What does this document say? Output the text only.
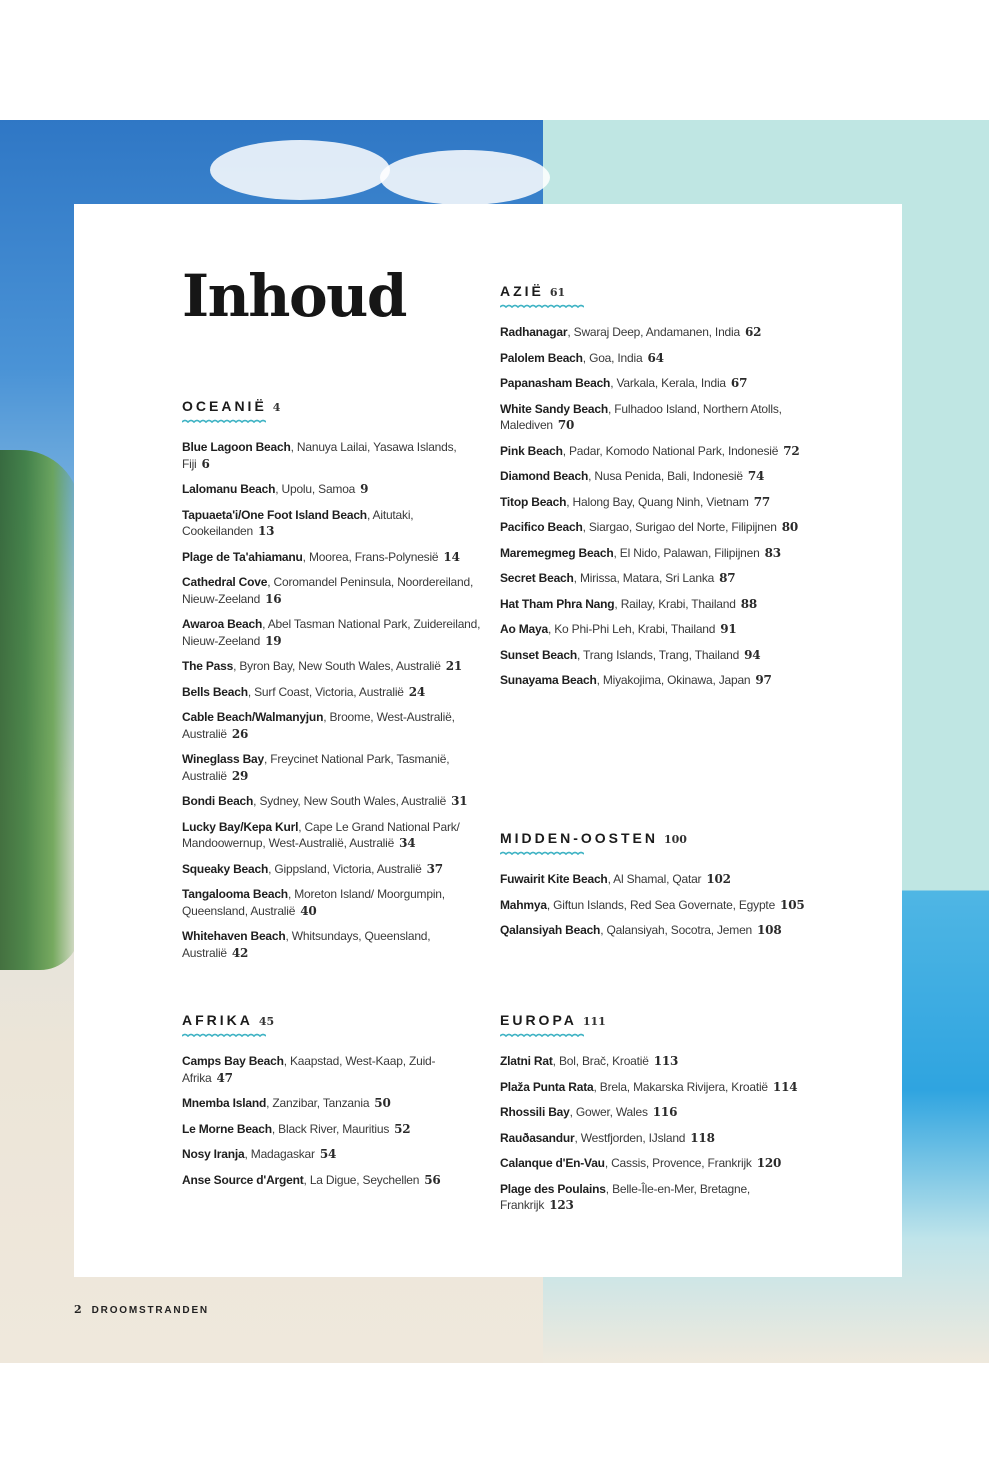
Inhoud
OCEANIË 4
Blue Lagoon Beach, Nanuya Lailai, Yasawa Islands, Fiji 6
Lalomanu Beach, Upolu, Samoa 9
Tapuaeta'i/One Foot Island Beach, Aitutaki, Cookeilanden 13
Plage de Ta'ahiamanu, Moorea, Frans-Polynesië 14
Cathedral Cove, Coromandel Peninsula, Noordereiland, Nieuw-Zeeland 16
Awaroa Beach, Abel Tasman National Park, Zuidereiland, Nieuw-Zeeland 19
The Pass, Byron Bay, New South Wales, Australië 21
Bells Beach, Surf Coast, Victoria, Australië 24
Cable Beach/Walmanyjun, Broome, West-Australië, Australië 26
Wineglass Bay, Freycinet National Park, Tasmanië, Australië 29
Bondi Beach, Sydney, New South Wales, Australië 31
Lucky Bay/Kepa Kurl, Cape Le Grand National Park/ Mandoowernup, West-Australië, Australië 34
Squeaky Beach, Gippsland, Victoria, Australië 37
Tangalooma Beach, Moreton Island/ Moorgumpin, Queensland, Australië 40
Whitehaven Beach, Whitsundays, Queensland, Australië 42
AFRIKA 45
Camps Bay Beach, Kaapstad, West-Kaap, Zuid-Afrika 47
Mnemba Island, Zanzibar, Tanzania 50
Le Morne Beach, Black River, Mauritius 52
Nosy Iranja, Madagaskar 54
Anse Source d'Argent, La Digue, Seychellen 56
AZIË 61
Radhanagar, Swaraj Deep, Andamanen, India 62
Palolem Beach, Goa, India 64
Papanasham Beach, Varkala, Kerala, India 67
White Sandy Beach, Fulhadoo Island, Northern Atolls, Malediven 70
Pink Beach, Padar, Komodo National Park, Indonesië 72
Diamond Beach, Nusa Penida, Bali, Indonesië 74
Titop Beach, Halong Bay, Quang Ninh, Vietnam 77
Pacifico Beach, Siargao, Surigao del Norte, Filipijnen 80
Maremegmeg Beach, El Nido, Palawan, Filipijnen 83
Secret Beach, Mirissa, Matara, Sri Lanka 87
Hat Tham Phra Nang, Railay, Krabi, Thailand 88
Ao Maya, Ko Phi-Phi Leh, Krabi, Thailand 91
Sunset Beach, Trang Islands, Trang, Thailand 94
Sunayama Beach, Miyakojima, Okinawa, Japan 97
MIDDEN-OOSTEN 100
Fuwairit Kite Beach, Al Shamal, Qatar 102
Mahmya, Giftun Islands, Red Sea Governate, Egypte 105
Qalansiyah Beach, Qalansiyah, Socotra, Jemen 108
EUROPA 111
Zlatni Rat, Bol, Brač, Kroatië 113
Plaža Punta Rata, Brela, Makarska Rivijera, Kroatië 114
Rhossili Bay, Gower, Wales 116
Rauðasandur, Westfjorden, IJsland 118
Calanque d'En-Vau, Cassis, Provence, Frankrijk 120
Plage des Poulains, Belle-Île-en-Mer, Bretagne, Frankrijk 123
2 DROOMSTRANDEN
